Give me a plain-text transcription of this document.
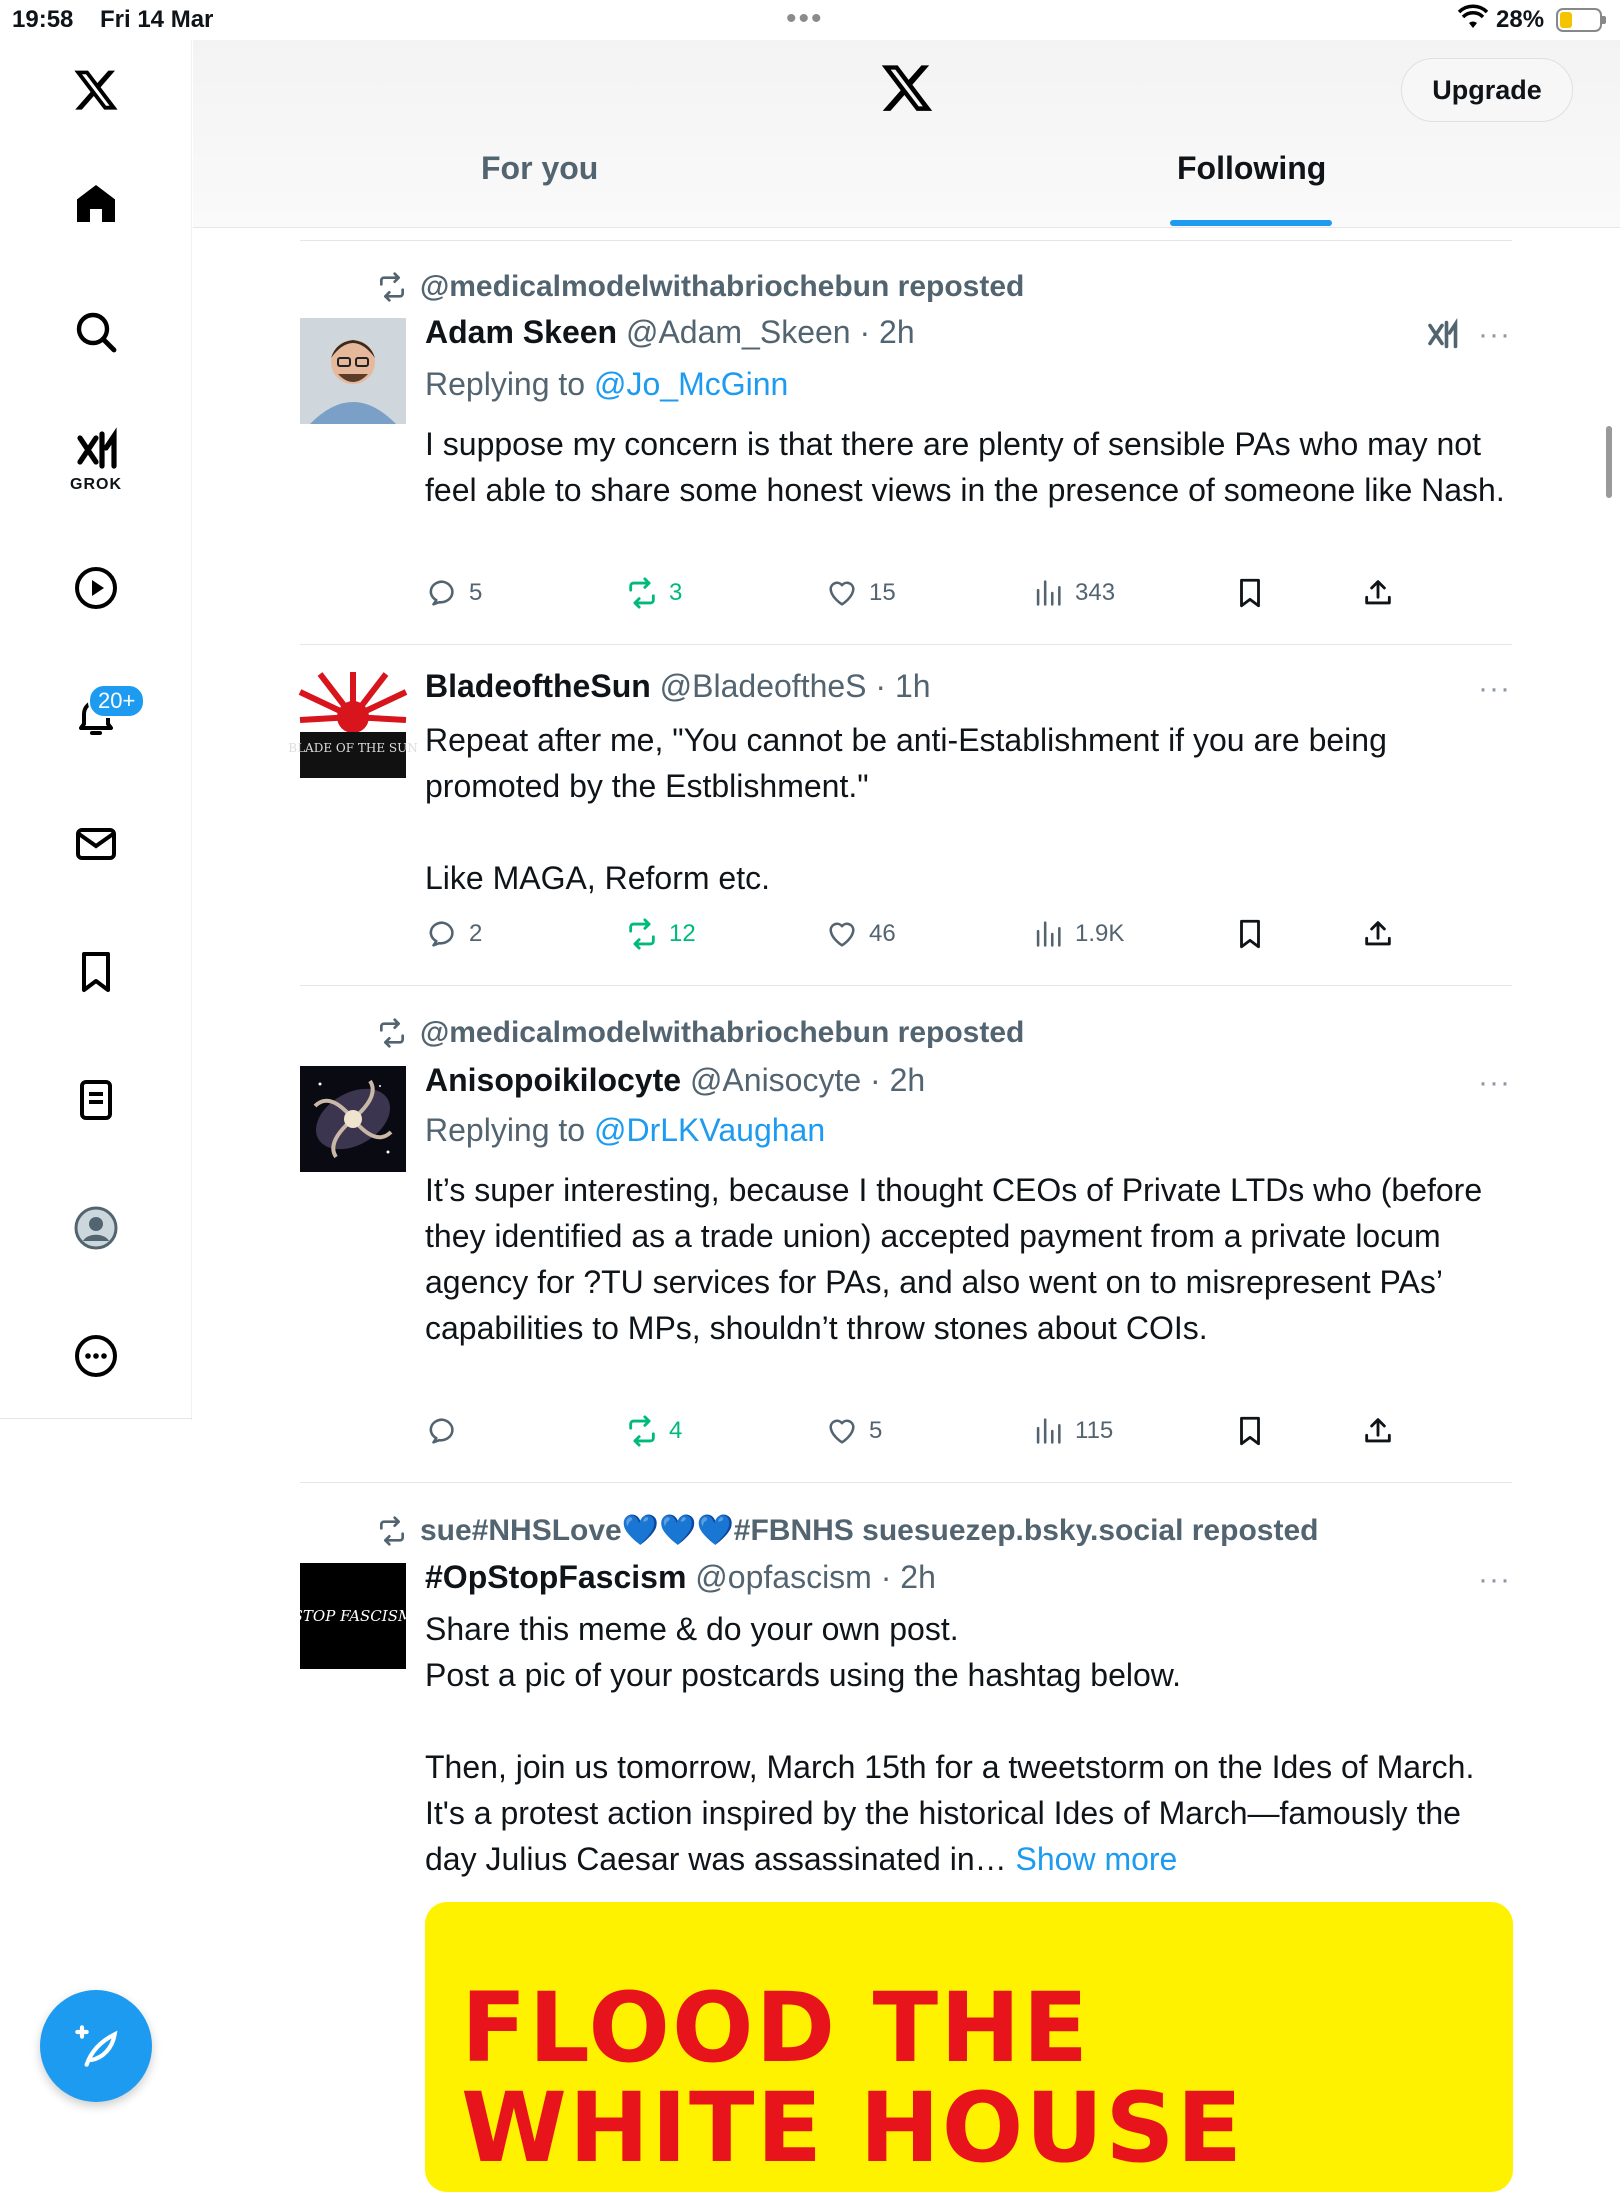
19:58 Fri 14 Mar	•••	28%
GROK
20+
Upgrade
For you	Following
@medicalmodelwithabriochebun reposted
Adam Skeen @Adam_Skeen · 2h	···
Replying to @Jo_McGinn

I suppose my concern is that there are plenty of sensible PAs who may not feel able to share some honest views in the presence of someone like Nash.

5	3	15	343
BLADE OF THE SUN
BladeoftheSun @BladeoftheS · 1h	···

Repeat after me, "You cannot be anti-Establishment if you are being promoted by the Estblishment."

Like MAGA, Reform etc.

2	12	46	1.9K
@medicalmodelwithabriochebun reposted
Anisopoikilocyte @Anisocyte · 2h	···
Replying to @DrLKVaughan

It’s super interesting, because I thought CEOs of Private LTDs who (before they identified as a trade union) accepted payment from a private locum agency for ?TU services for PAs, and also went on to misrepresent PAs’ capabilities to MPs, shouldn’t throw stones about COIs.

4	5	115
sue#NHSLove💙💙💙#FBNHS suesuezep.bsky.social reposted
STOP FASCISM
#OpStopFascism @opfascism · 2h	···

Share this meme & do your own post.

Post a pic of your postcards using the hashtag below.

Then, join us tomorrow, March 15th for a tweetstorm on the Ides of March. It's a protest action inspired by the historical Ides of March—famously the day Julius Caesar was assassinated in… Show more

FLOOD THE
WHITE HOUSE
